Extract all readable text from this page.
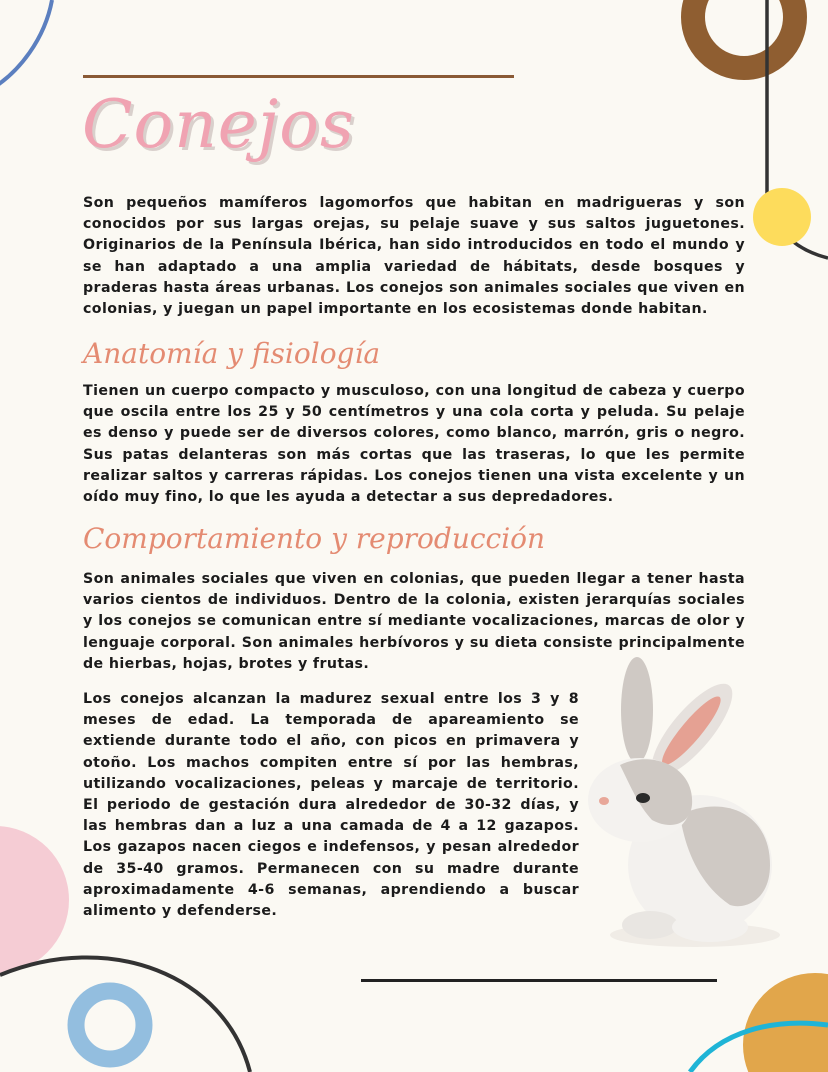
Conejos

Son pequeños mamíferos lagomorfos que habitan en madrigueras y son conocidos por sus largas orejas, su pelaje suave y sus saltos juguetones. Originarios de la Península Ibérica, han sido introducidos en todo el mundo y se han adaptado a una amplia variedad de hábitats, desde bosques y praderas hasta áreas urbanas. Los conejos son animales sociales que viven en colonias, y juegan un papel importante en los ecosistemas donde habitan.

Anatomía y fisiología

Tienen un cuerpo compacto y musculoso, con una longitud de cabeza y cuerpo que oscila entre los 25 y 50 centímetros y una cola corta y peluda. Su pelaje es denso y puede ser de diversos colores, como blanco, marrón, gris o negro. Sus patas delanteras son más cortas que las traseras, lo que les permite realizar saltos y carreras rápidas. Los conejos tienen una vista excelente y un oído muy fino, lo que les ayuda a detectar a sus depredadores.

Comportamiento y reproducción

Son animales sociales que viven en colonias, que pueden llegar a tener hasta varios cientos de individuos. Dentro de la colonia, existen jerarquías sociales y los conejos se comunican entre sí mediante vocalizaciones, marcas de olor y lenguaje corporal. Son animales herbívoros y su dieta consiste principalmente de hierbas, hojas, brotes y frutas.

Los conejos alcanzan la madurez sexual entre los 3 y 8 meses de edad. La temporada de apareamiento se extiende durante todo el año, con picos en primavera y otoño. Los machos compiten entre sí por las hembras, utilizando vocalizaciones, peleas y marcaje de territorio. El periodo de gestación dura alrededor de 30-32 días, y las hembras dan a luz a una camada de 4 a 12 gazapos. Los gazapos nacen ciegos e indefensos, y pesan alrededor de 35-40 gramos. Permanecen con su madre durante aproximadamente 4-6 semanas, aprendiendo a buscar alimento y defenderse.
